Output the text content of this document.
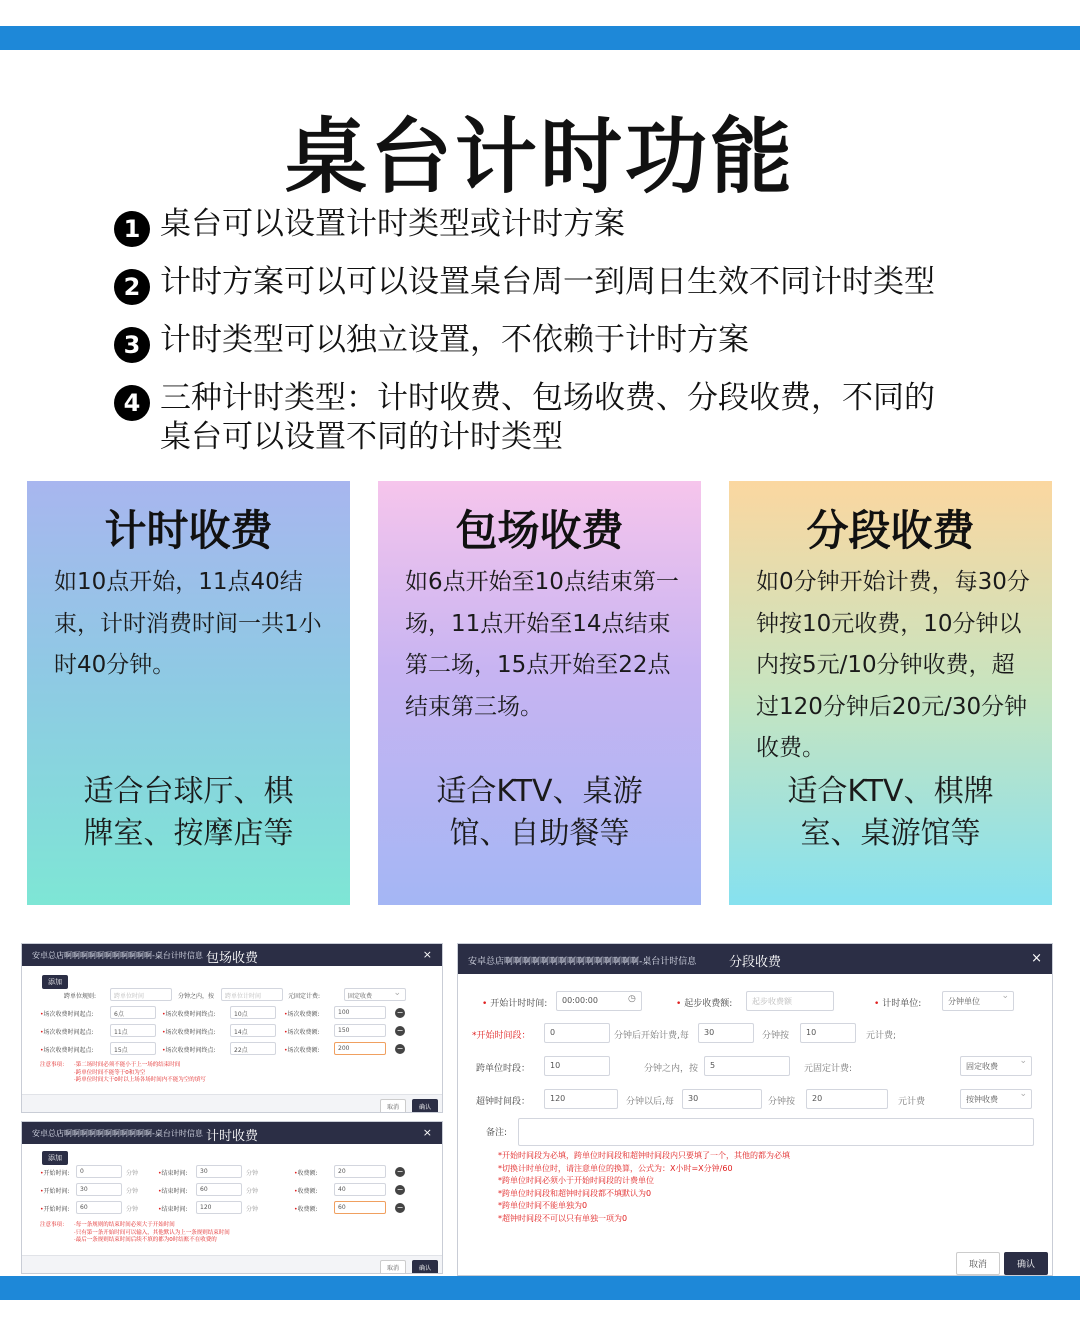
桌台计时功能
1 桌台可以设置计时类型或计时方案
2 计时方案可以可以设置桌台周一到周日生效不同计时类型
3 计时类型可以独立设置，不依赖于计时方案
4 三种计时类型：计时收费、包场收费、分段收费，不同的桌台可以设置不同的计时类型
计时收费
如10点开始，11点40结束，计时消费时间一共1小时40分钟。
适合台球厅、棋牌室、按摩店等
包场收费
如6点开始至10点结束第一场，11点开始至14点结束第二场，15点开始至22点结束第三场。
适合KTV、桌游馆、自助餐等
分段收费
如0分钟开始计费，每30分钟按10元收费，10分钟以内按5元/10分钟收费，超过120分钟后20元/30分钟收费。
适合KTV、棋牌室、桌游馆等
安卓总店啊啊啊啊啊啊啊啊啊啊啊-桌台计时信息 包场收费	×
添加
跨单位规则:	跨单位时间	分钟之内，按	跨单位计时间	元固定计费:	固定收费 ⌄
•场次收费时间起点:	6点	•场次收费时间终点:	10点	•场次收费额:	100	−
•场次收费时间起点:	11点	•场次收费时间终点:	14点	•场次收费额:	150	−
•场次收费时间起点:	15点	•场次收费时间终点:	22点	•场次收费额:	200	−
注意事项： ·第二场时间必须不能小于上一场的结束时间
·跨单位时间不能等于0和为空
·跨单位时间大于0时以上场各场时间内不能为空的填写
取消	确认
安卓总店啊啊啊啊啊啊啊啊啊啊啊-桌台计时信息 计时收费	×
添加
•开始时间:	0	分钟	•结束时间:	30	分钟	•收费额:	20	−
•开始时间:	30	分钟	•结束时间:	60	分钟	•收费额:	40	−
•开始时间:	60	分钟	•结束时间:	120	分钟	•收费额:	60	−
注意事项： ·每一条规则的结束时间必须大于开始时间
·只有第一条开始时间可以输入，其他默认为上一条规则结束时间
·最后一条规则结束时间后续不填的都为0时结账不在收费的
取消	确认
安卓总店啊啊啊啊啊啊啊啊啊啊啊啊啊啊啊-桌台计时信息	分段收费	×
• 开始计时时间:	00:00:00	◷	• 起步收费额:	起步收费额	• 计时单位:	分钟单位 ⌄
*开始时间段：	0	分钟后开始计费,每	30	分钟按	10	元计费;
跨单位时段：	10	分钟之内，按	5	元固定计费:	固定收费 ⌄
超钟时间段：	120	分钟以后,每	30	分钟按	20	元计费	按钟收费 ⌄
备注:
*开始时间段为必填，跨单位时间段和超钟时间段内只要填了一个，其他的都为必填
*切换计时单位时，请注意单位的换算，公式为：X小时=X分钟/60
*跨单位时间必须小于开始时间段的计费单位
*跨单位时间段和超钟时间段都不填默认为0
*跨单位时间不能单独为0
*超钟时间段不可以只有单独一项为0
取消	确认
